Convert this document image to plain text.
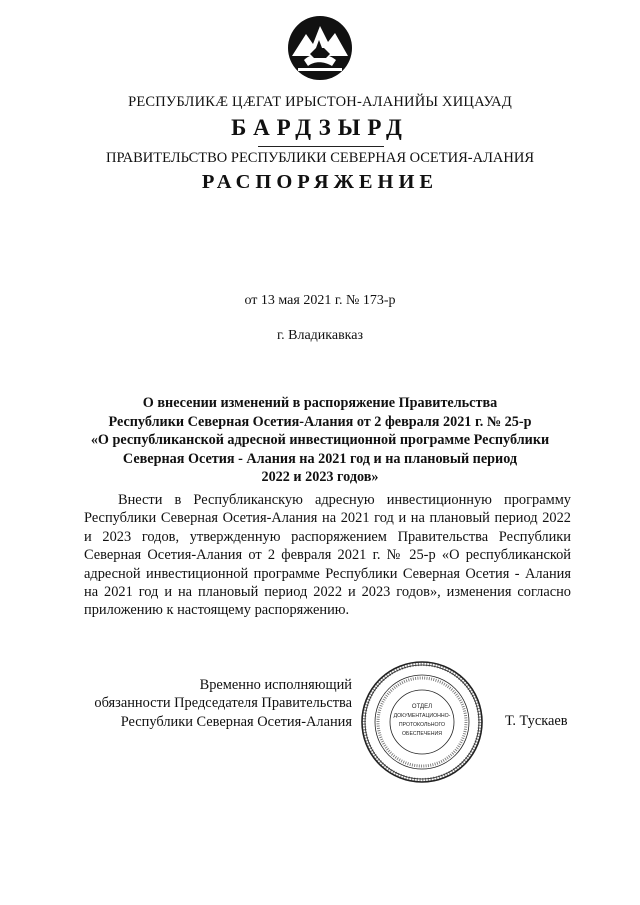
РЕСПУБЛИКӔ ЦӔГАТ ИРЫСТОН-АЛАНИЙЫ ХИЦАУАД
БАРДЗЫРД
ПРАВИТЕЛЬСТВО РЕСПУБЛИКИ СЕВЕРНАЯ ОСЕТИЯ-АЛАНИЯ
РАСПОРЯЖЕНИЕ
от 13 мая 2021 г. № 173-р
г. Владикавказ
О внесении изменений в распоряжение Правительства
Республики Северная Осетия-Алания от 2 февраля 2021 г. № 25-р
«О республиканской адресной инвестиционной программе Республики
Северная Осетия - Алания на 2021 год и на плановый период
2022 и 2023 годов»
Внести в Республиканскую адресную инвестиционную программу Республики Северная Осетия-Алания на 2021 год и на плановый период 2022 и 2023 годов, утвержденную распоряжением Правительства Республики Северная Осетия-Алания от 2 февраля 2021 г. № 25-р «О республиканской адресной инвестиционной программе Республики Северная Осетия - Алания на 2021 год и на плановый период 2022 и 2023 годов», изменения согласно приложению к настоящему распоряжению.
Временно исполняющий
обязанности Председателя Правительства
Республики Северная Осетия-Алания
ОТДЕЛ
ДОКУМЕНТАЦИОННО-
ПРОТОКОЛЬНОГО
ОБЕСПЕЧЕНИЯ
Т. Тускаев
